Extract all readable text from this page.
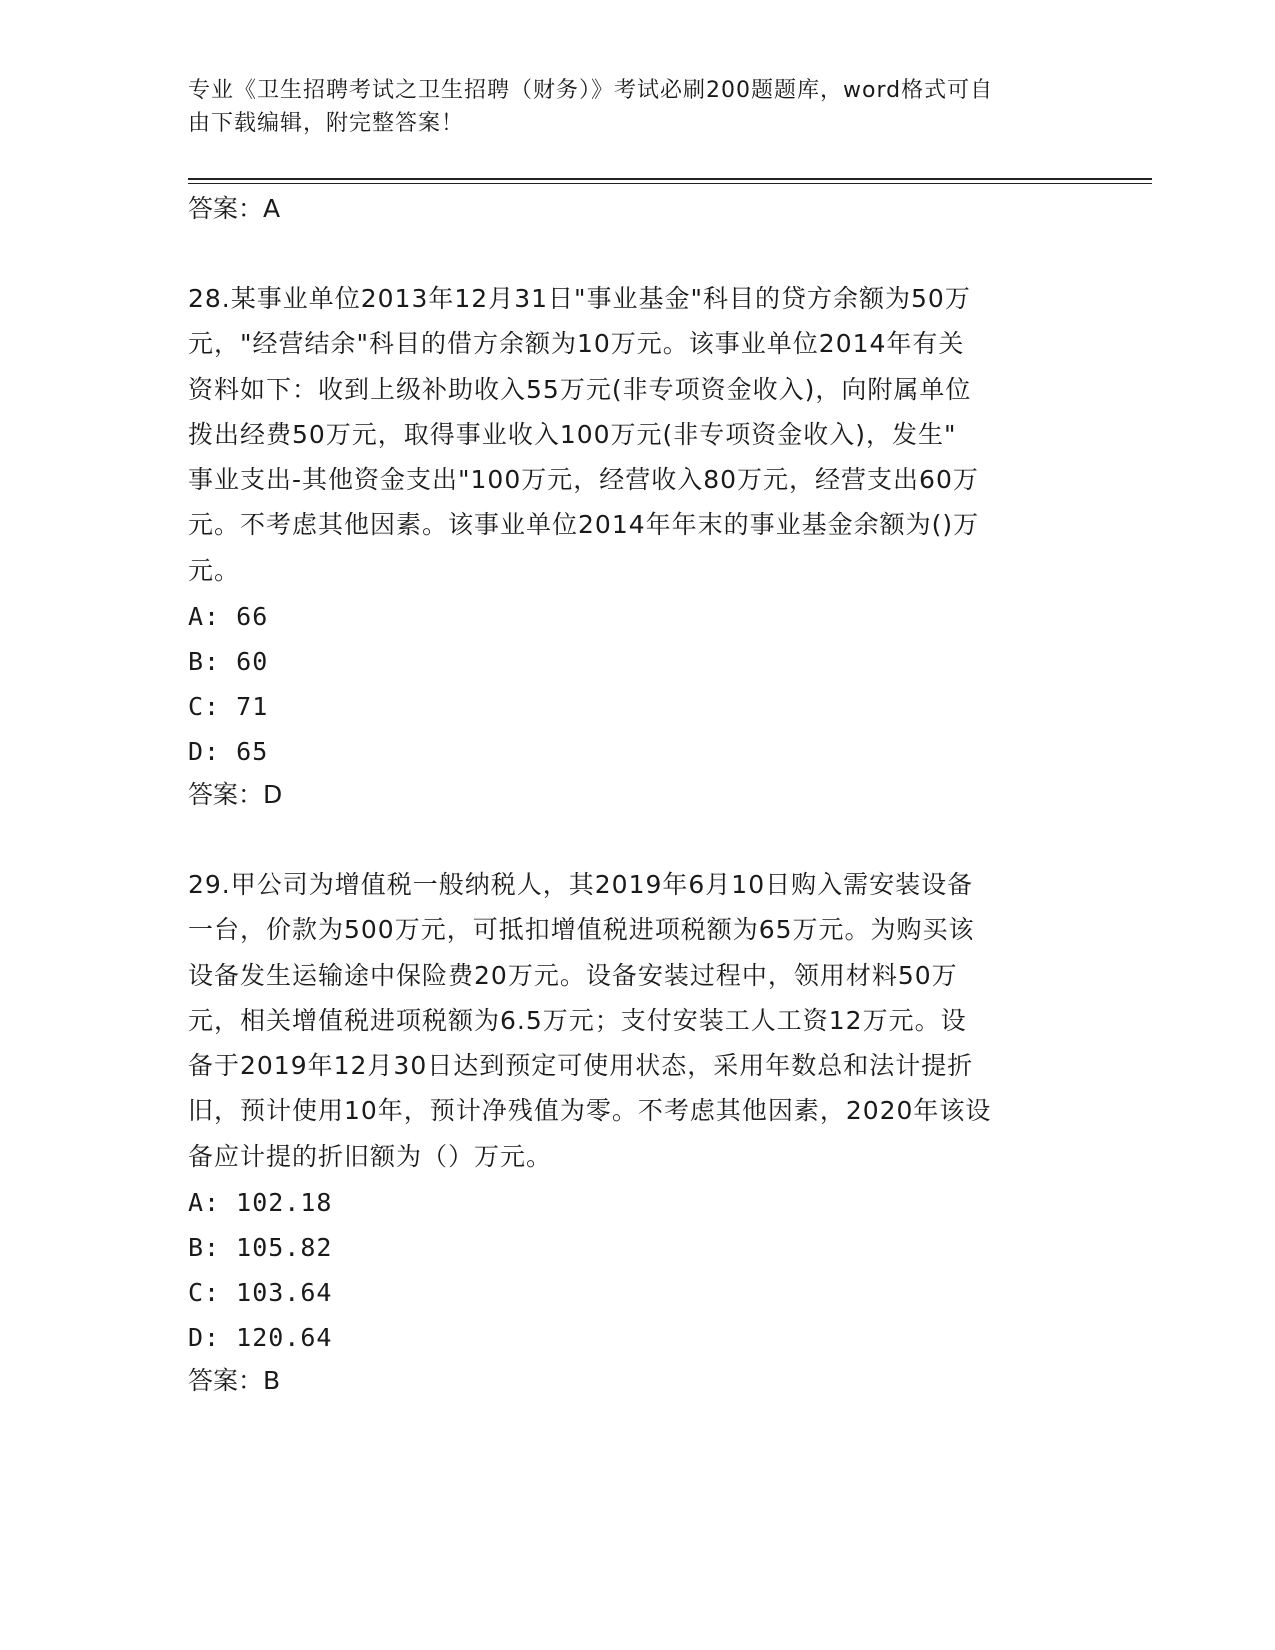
专业《卫生招聘考试之卫生招聘（财务）》考试必刷200题题库，word格式可自
由下载编辑，附完整答案！
答案：A
28.某事业单位2013年12月31日"事业基金"科目的贷方余额为50万
元，"经营结余"科目的借方余额为10万元。该事业单位2014年有关
资料如下：收到上级补助收入55万元(非专项资金收入)，向附属单位
拨出经费50万元，取得事业收入100万元(非专项资金收入)，发生"
事业支出-其他资金支出"100万元，经营收入80万元，经营支出60万
元。不考虑其他因素。该事业单位2014年年末的事业基金余额为()万
元。
A: 66
B: 60
C: 71
D: 65
答案：D
29.甲公司为增值税一般纳税人，其2019年6月10日购入需安装设备
一台，价款为500万元，可抵扣增值税进项税额为65万元。为购买该
设备发生运输途中保险费20万元。设备安装过程中，领用材料50万
元，相关增值税进项税额为6.5万元；支付安装工人工资12万元。设
备于2019年12月30日达到预定可使用状态，采用年数总和法计提折
旧，预计使用10年，预计净残值为零。不考虑其他因素，2020年该设
备应计提的折旧额为（）万元。
A: 102.18
B: 105.82
C: 103.64
D: 120.64
答案：B
